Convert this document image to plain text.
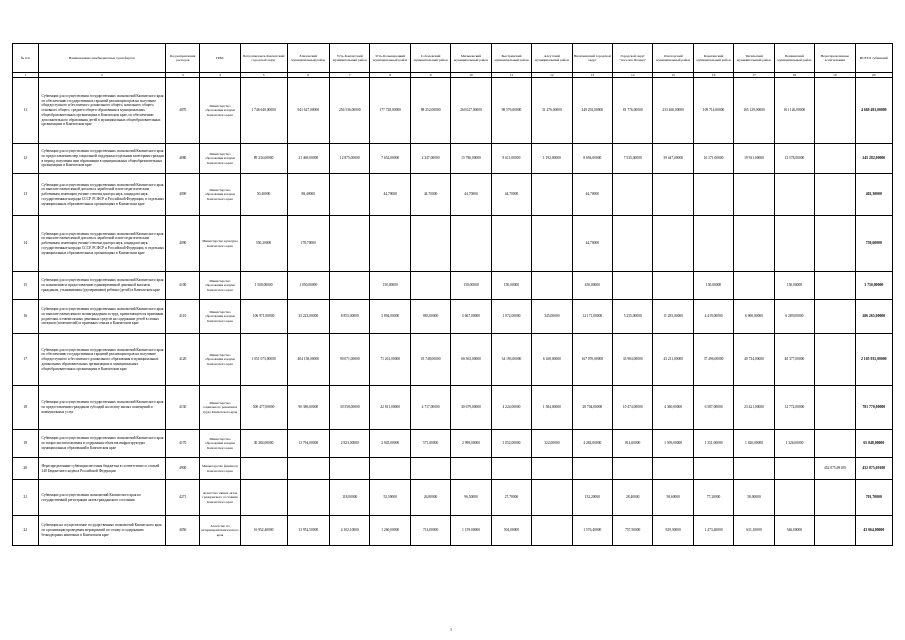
№ п/п	Наименование межбюджетных трансфертов	Код направления расходов	ГРБС	Петропавловск-Камчатский городской округ	Елизовский муниципальный район	Усть-Камчатский муниципальный район	Усть-Большерецкий муниципальный район	Соболевский муниципальный район	Мильковский муниципальный район	Быстринский муниципальный район	Алеутский муниципальный район	Вилючинский городской округ	Городской округ "поселок Палана"	Олюторский муниципальный район	Карагинский муниципальный район	Тигильский муниципальный район	Пенжинский муниципальный район	Нераспределенные ассигнования	ВСЕГО субвенций
1	2	3	4	5	6	7	8	9	10	11	12	13	14	15	16	17	18	19	20
11	Субвенции для осуществления государственных полномочий Камчатского края по обеспечению государственных гарантий реализации прав на получение общедоступного и бесплатного дошкольного общего, начального общего, основного общего, среднего общего образования в муниципальных общеобразовательных организациях в Камчатском крае, по обеспечению дополнительного образования детей в муниципальных общеобразовательных организациях в Камчатском крае	4070	Министерство образования и науки Камчатского края	1 746 640,00000	941 627,00000	256 536,00000	177 728,00000	88 252,00000	260 027,00000	98 576,00000	31 276,00000	249 292,00000	81 776,00000	233 460,00000	109 714,00000	165 129,00000	161 126,00000		4 669 493,00000
12	Субвенции для осуществления государственных полномочий Камчатского края по предоставлению мер социальной поддержки отдельным категориям граждан в период получения ими образования в муниципальных общеобразовательных организациях в Камчатском крае	4080	Министерство образования и науки Камчатского края	89 234,00000	21 469,00000	12 875,00000	7 652,00000	2 347,00000	15 786,00000	8 611,00000	1 192,00000	8 694,00000	7 535,00000	39 447,00000	16 171,00000	19 931,00000	13 578,00000		245 282,00000
13	Субвенции для осуществления государственных полномочий Камчатского края по выплате ежемесячной доплаты к заработной плате педагогическим работникам, имеющим ученые степени доктора наук, кандидата наук, государственные награды СССР, РСФСР и Российской Федерации, в отдельных муниципальных образовательных организациях в Камчатском крае	4090	Министерство образования и науки Камчатского края	50,40000	88,40000		44,70000	44,70000	44,70000	44,70000		44,70000							402,30000
14	Субвенции для осуществления государственных полномочий Камчатского края по выплате ежемесячной доплаты к заработной плате педагогическим работникам, имеющим ученые степени доктора наук, кандидата наук, государственные награды СССР, РСФСР и Российской Федерации, в отдельных муниципальных образовательных организациях в Камчатском крае	4090	Министерство культуры Камчатского края	550,20000	178,70000							44,70000							759,60000
15	Субвенции для осуществления государственных полномочий Камчатского края по назначению и предоставлению единовременной денежной выплаты гражданам, усыновившим (удочерившим) ребенка (детей) в Камчатском крае	4100	Министерство образования и науки Камчатского края	1 500,00000	1 050,00000		150,00000		150,00000	150,00000		450,00000			150,00000		150,00000		3 750,00000
16	Субвенции для осуществления государственных полномочий Камчатского края по выплате ежемесячного вознаграждения за труд, причитающегося приемным родителям, и ежемесячных денежных средств на содержание детей в семьях опекунов (попечителей) и приемных семьях в Камчатском крае	4110	Министерство образования и науки Камчатского края	106 971,00000	33 223,00000	8 855,00000	3 894,00000	883,00000	5 667,00000	1 072,00000	345,00000	12 171,00000	5 235,00000	11 283,00000	4 419,00000	6 960,00000	6 289,00000		206 265,00000
17	Субвенции для осуществления государственных полномочий Камчатского края по обеспечению государственных гарантий реализации прав на получение общедоступного и бесплатного дошкольного образования в муниципальных дошкольных образовательных организациях и муниципальных общеобразовательных организациях в Камчатском крае	4120	Министерство образования и науки Камчатского края	1 051 073,00000	404 158,00000	90 071,00000	71 261,00000	18 748,00000	66 563,00000	34 193,00000	6 168,00000	167 070,00000	33 984,00000	43 211,00000	37 496,00000	40 734,00000	40 377,00000		2 105 935,00000
18	Субвенции для осуществления государственных полномочий Камчатского края по предоставлению гражданам субсидий на оплату жилых помещений и коммунальных услуг	4130	Министерство социального развития и труда Камчатского края	500 477,00000	90 386,00000	30 558,00000	22 811,00000	4 717,00000	40 679,00000	4 224,00000	1 584,00000	28 704,00000	10 474,00000	4 360,00000	6 587,00000	23 421,00000	12 772,00000		781 770,00000
19	Субвенции для осуществления государственных полномочий Камчатского края по вопросам изготовления и содержания объектов инфраструктуры муниципальных образований в Камчатском крае	4170	Министерство образования и науки Камчатского края	30 284,00000	13 794,00000	2 823,00000	2 945,00000	571,00000	2 998,00000	1 052,00000	322,00000	4 284,00000	814,00000	1 509,00000	1 351,00000	1 620,00000	1 326,00000		65 048,00000
20	Нераспределенные субвенции местным бюджетам в соответствии со статьей 140 Бюджетного кодекса Российской Федерации	4900	Министерство финансов Камчатского края															452 075,69100	452 075,69100
21	Субвенции для осуществления полномочий Камчатского края по государственной регистрации актов гражданского состояния	4271	Агентство записи актов гражданского состояния Камчатского края			118,00000	52,50000	26,80000	96,50000	27,70000		152,20000	28,40000	58,60000	77,20000	58,00000			701,70000
22	Субвенции на осуществление государственных полномочий Камчатского края по организации проведения мероприятий по отлову и содержанию безнадзорных животных в Камчатском крае	4050	Агентство по ветеринарии Камчатского края	16 952,40000	13 952,50000	4 102,10000	1 260,00000	714,00000	1 159,00000	504,00000		1 576,40000	757,50000	929,30000	1 473,40000	631,10000	546,00000		43 064,00000
1
